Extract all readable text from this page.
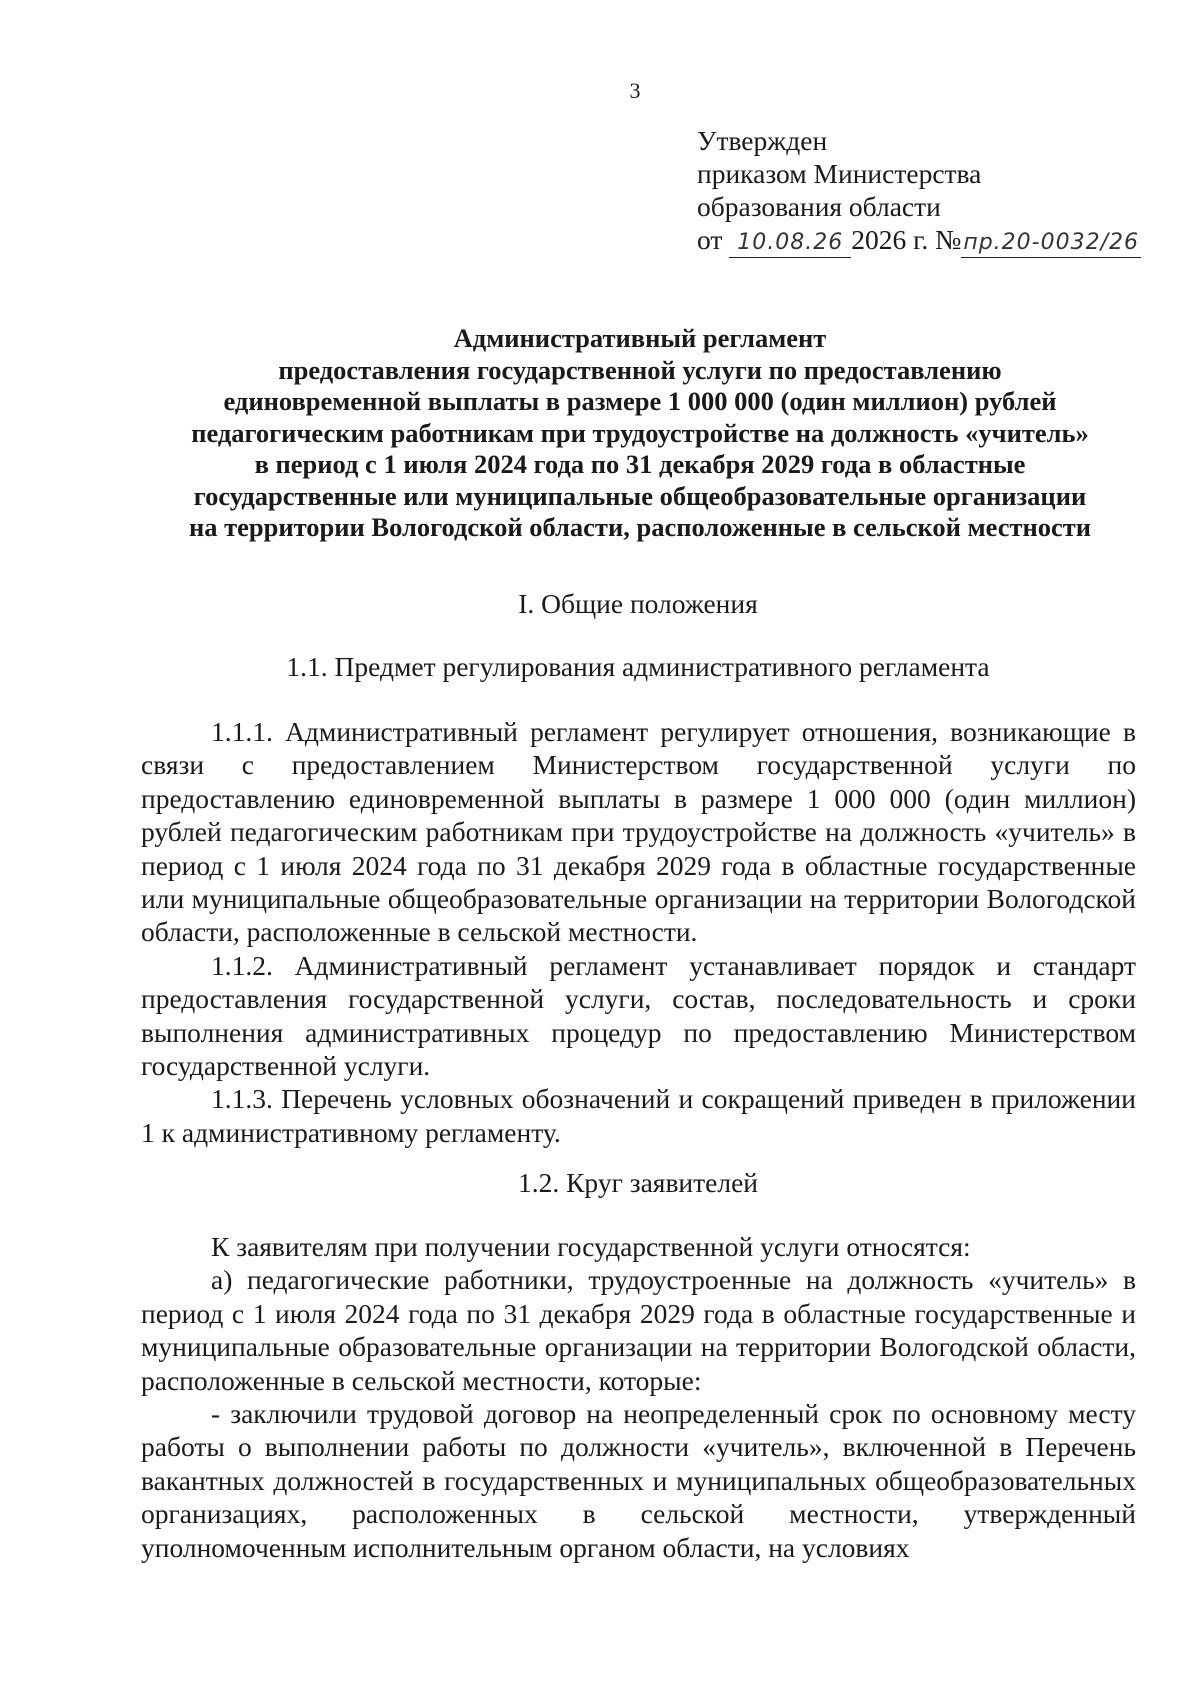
3
Утвержден
приказом Министерства
образования области
от 10.08.26 2026 г. №пр.20-0032/26
Административный регламент
предоставления государственной услуги по предоставлению
единовременной выплаты в размере 1 000 000 (один миллион) рублей
педагогическим работникам при трудоустройстве на должность «учитель»
в период с 1 июля 2024 года по 31 декабря 2029 года в областные
государственные или муниципальные общеобразовательные организации
на территории Вологодской области, расположенные в сельской местности
I. Общие положения
1.1. Предмет регулирования административного регламента

1.1.1. Административный регламент регулирует отношения, возникающие в связи с предоставлением Министерством государственной услуги по предоставлению единовременной выплаты в размере 1 000 000 (один миллион) рублей педагогическим работникам при трудоустройстве на должность «учитель» в период с 1 июля 2024 года по 31 декабря 2029 года в областные государственные или муниципальные общеобразовательные организации на территории Вологодской области, расположенные в сельской местности.

1.1.2. Административный регламент устанавливает порядок и стандарт предоставления государственной услуги, состав, последовательность и сроки выполнения административных процедур по предоставлению Министерством государственной услуги.

1.1.3. Перечень условных обозначений и сокращений приведен в приложении 1 к административному регламенту.

1.2. Круг заявителей

К заявителям при получении государственной услуги относятся:

а) педагогические работники, трудоустроенные на должность «учитель» в период с 1 июля 2024 года по 31 декабря 2029 года в областные государственные и муниципальные образовательные организации на территории Вологодской области, расположенные в сельской местности, которые:

- заключили трудовой договор на неопределенный срок по основному месту работы о выполнении работы по должности «учитель», включенной в Перечень вакантных должностей в государственных и муниципальных общеобразовательных организациях, расположенных в сельской местности, утвержденный уполномоченным исполнительным органом области, на условиях
